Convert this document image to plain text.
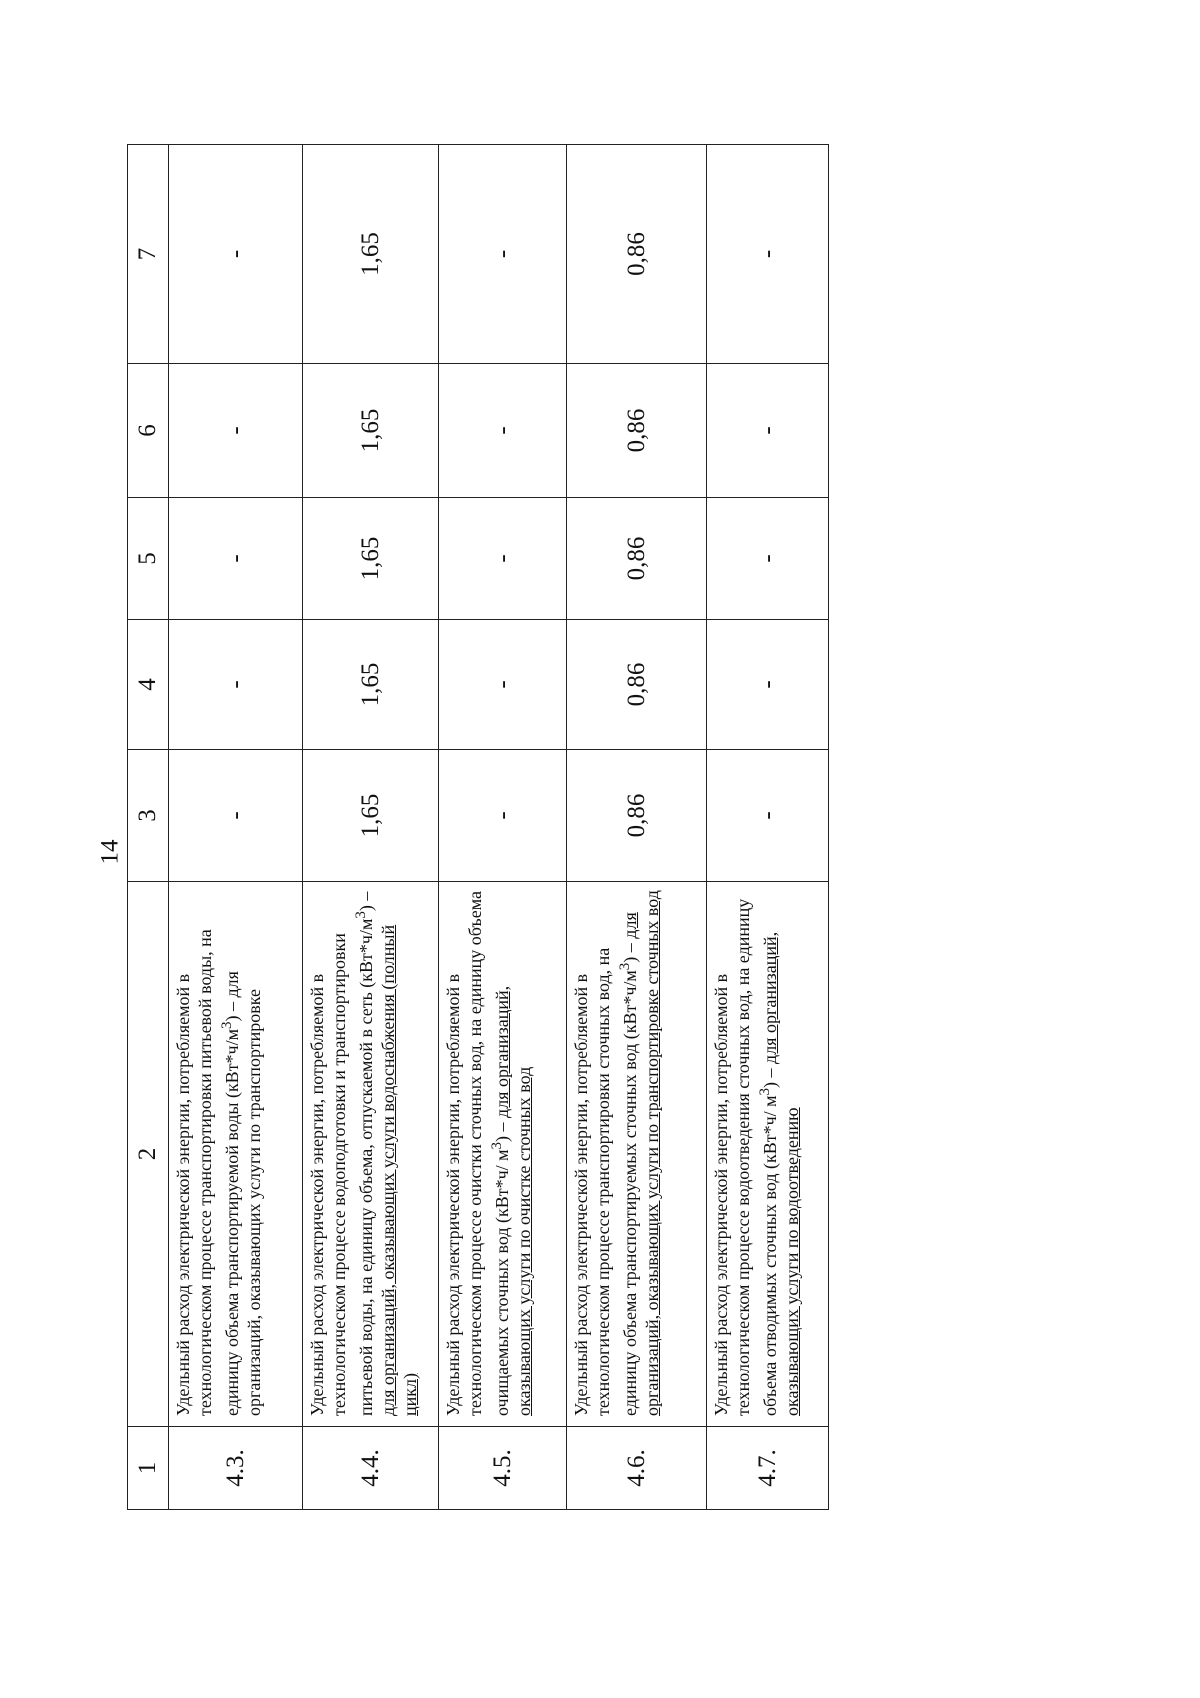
14
1	2	3	4	5	6	7
4.3.	Удельный расход электрической энергии, потребляемой в технологическом процессе транспортировки питьевой воды, на единицу объема транспортируемой воды $(кВт*ч/м^3)$ – для организаций, оказывающих услуги по транспортировке	-	-	-	-	-
4.4.	Удельный расход электрической энергии, потребляемой в технологическом процессе водоподготовки и транспортировки питьевой воды, на единицу объема, отпускаемой в сеть $(кВт*ч/м^3)$ – для организаций, оказывающих услуги водоснабжения (полный цикл)	1,65	1,65	1,65	1,65	1,65
4.5.	Удельный расход электрической энергии, потребляемой в технологическом процессе очистки сточных вод, на единицу объема очищаемых сточных вод (кВт*ч/ $м^3$) – для организаций, оказывающих услуги по очистке сточных вод	-	-	-	-	-
4.6.	Удельный расход электрической энергии, потребляемой в технологическом процессе транспортировки сточных вод, на единицу объема транспортируемых сточных вод $(кВт*ч/м^3)$ – для организаций, оказывающих услуги по транспортировке сточных вод	0,86	0,86	0,86	0,86	0,86
4.7.	Удельный расход электрической энергии, потребляемой в технологическом процессе водоотведения сточных вод, на единицу объема отводимых сточных вод (кВт*ч/ $м^3$) – для организаций, оказывающих услуги по водоотведению	-	-	-	-	-
